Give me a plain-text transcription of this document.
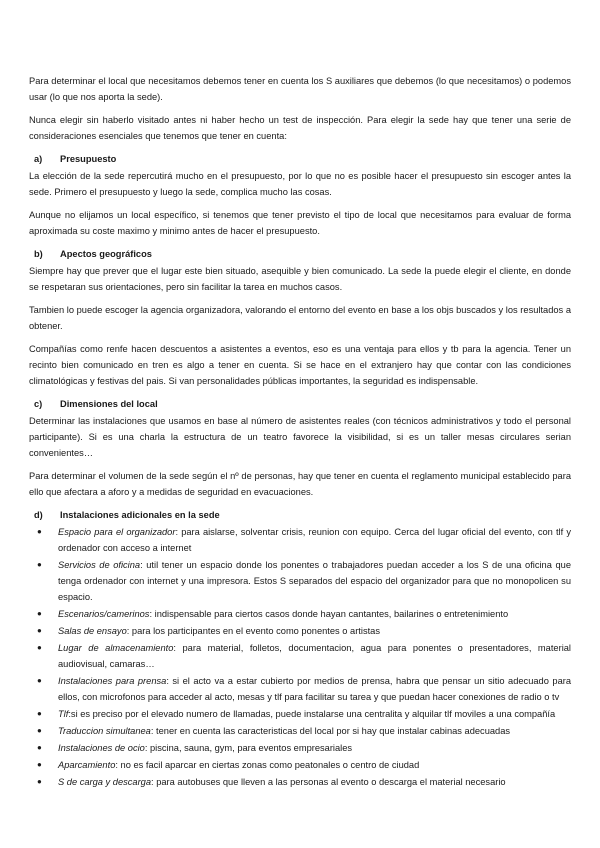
Para determinar el local que necesitamos debemos tener en cuenta los S auxiliares que debemos (lo que necesitamos) o podemos usar (lo que nos aporta la sede).

Nunca elegir sin haberlo visitado antes ni haber hecho un test de inspección. Para elegir la sede hay que tener una serie de consideraciones esenciales que tenemos que tener en cuenta:

a)	Presupuesto

La elección de la sede repercutirá mucho en el presupuesto, por lo que no es posible hacer el presupuesto sin escoger antes la sede. Primero el presupuesto y luego la sede, complica mucho las cosas.

Aunque no elijamos un local específico, si tenemos que tener previsto el tipo de local que necesitamos para evaluar de forma aproximada su coste maximo y minimo antes de hacer el presupuesto.

b)	Apectos geográficos

Siempre hay que prever que el lugar este bien situado, asequible y bien comunicado. La sede la puede elegir el cliente, en donde se respetaran sus orientaciones, pero sin facilitar la tarea en muchos casos.

Tambien lo puede escoger la agencia organizadora, valorando el entorno del evento en base a los objs buscados y los resultados a obtener.

Compañías como renfe hacen descuentos a asistentes a eventos, eso es una ventaja para ellos y tb para la agencia. Tener un recinto bien comunicado en tren es algo a tener en cuenta. Si se hace en el extranjero hay que contar con las condiciones climatológicas y festivas del pais. Si van personalidades públicas importantes, la seguridad es indispensable.

c)	Dimensiones del local

Determinar las instalaciones que usamos en base al número de asistentes reales (con técnicos administrativos y todo el personal participante). Si es una charla la estructura de un teatro favorece la visibilidad, si es un taller mesas circulares serian convenientes…

Para determinar el volumen de la sede según el nº de personas, hay que tener en cuenta el reglamento municipal establecido para ello que afectara a aforo y a medidas de seguridad en evacuaciones.

d)	Instalaciones adicionales en la sede
● Espacio para el organizador: para aislarse, solventar crisis, reunion con equipo. Cerca del lugar oficial del evento, con tlf y ordenador con acceso a internet
● Servicios de oficina: util tener un espacio donde los ponentes o trabajadores puedan acceder a los S de una oficina que tenga ordenador con internet y una impresora. Estos S separados del espacio del organizador para que no monopolicen su espacio.
● Escenarios/camerinos: indispensable para ciertos casos donde hayan cantantes, bailarines o entretenimiento
● Salas de ensayo: para los participantes en el evento como ponentes o artistas
● Lugar de almacenamiento: para material, folletos, documentacion, agua para ponentes o presentadores, material audiovisual, camaras…
● Instalaciones para prensa: si el acto va a estar cubierto por medios de prensa, habra que pensar un sitio adecuado para ellos, con microfonos para acceder al acto, mesas y tlf para facilitar su tarea y que puedan hacer conexiones de radio o tv
● Tlf:si es preciso por el elevado numero de llamadas, puede instalarse una centralita y alquilar tlf moviles a una compañía
● Traduccion simultanea: tener en cuenta las caracteristicas del local por si hay que instalar cabinas adecuadas
● Instalaciones de ocio: piscina, sauna, gym, para eventos empresariales
● Aparcamiento: no es facil aparcar en ciertas zonas como peatonales o centro de ciudad
● S de carga y descarga: para autobuses que lleven a las personas al evento o descarga el material necesario
